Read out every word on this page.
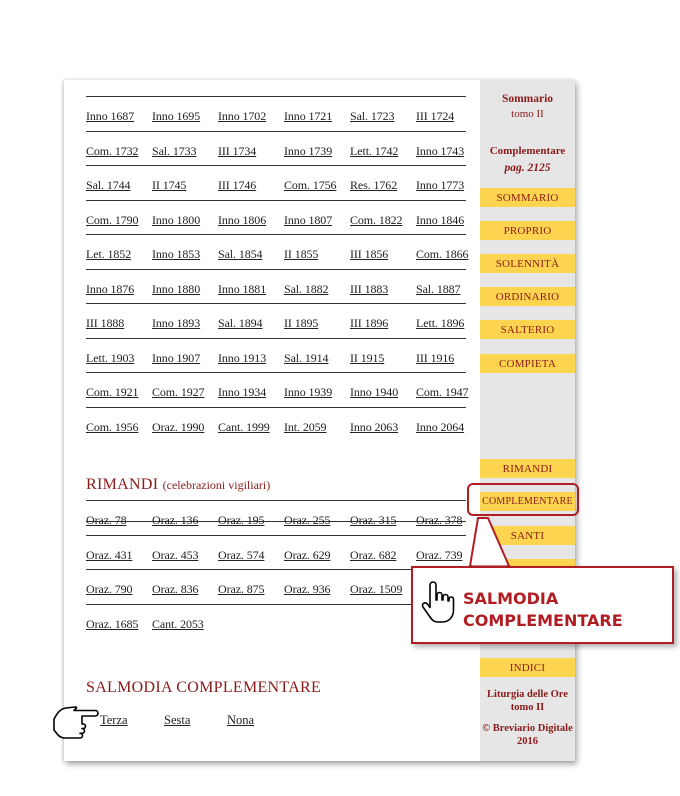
Inno 1687 Inno 1695 Inno 1702 Inno 1721 Sal. 1723 III 1724
Com. 1732 Sal. 1733 III 1734 Inno 1739 Lett. 1742 Inno 1743
Sal. 1744 II 1745	III 1746 Com. 1756 Res. 1762 Inno 1773
Com. 1790 Inno 1800 Inno 1806 Inno 1807 Com. 1822 Inno 1846
Let. 1852 Inno 1853 Sal. 1854 II 1855	III 1856 Com. 1866
Inno 1876 Inno 1880 Inno 1881 Sal. 1882 III 1883 Sal. 1887
III 1888 Inno 1893 Sal. 1894 II 1895	III 1896 Lett. 1896
Lett. 1903 Inno 1907 Inno 1913 Sal. 1914 II 1915	III 1916
Com. 1921 Com. 1927 Inno 1934 Inno 1939 Inno 1940 Com. 1947
Com. 1956 Oraz. 1990 Cant. 1999 Int. 2059 Inno 2063 Inno 2064
RIMANDI (celebrazioni vigiliari)
Oraz. 78 Oraz. 136 Oraz. 195 Oraz. 255 Oraz. 315 Oraz. 378
Oraz. 431 Oraz. 453 Oraz. 574 Oraz. 629 Oraz. 682 Oraz. 739
Oraz. 790 Oraz. 836 Oraz. 875 Oraz. 936 Oraz. 1509
Oraz. 1685 Cant. 2053
SALMODIA COMPLEMENTARE
Terza	Sesta	Nona
Sommario
tomo II
Complementare
pag. 2125
SOMMARIO
PROPRIO
SOLENNITÀ
ORDINARIO
SALTERIO
COMPIETA
RIMANDI
COMPLEMENTARE
SANTI
INDICI
Liturgia delle Ore
tomo II
© Breviario Digitale
2016
SALMODIA
COMPLEMENTARE
